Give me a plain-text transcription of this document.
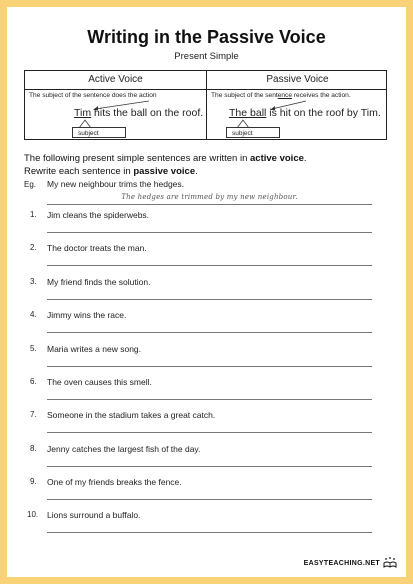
Writing in the Passive Voice
Present Simple
Active Voice
The subject of the sentence does the action
Tim hits the ball on the roof.
subject
Passive Voice
The subject of the sentence receives the action.
The ball is hit on the roof by Tim.
subject
The following present simple sentences are written in active voice.
Rewrite each sentence in passive voice.
Eg. My new neighbour trims the hedges.
The hedges are trimmed by my new neighbour.
1. Jim cleans the spiderwebs.
2. The doctor treats the man.
3. My friend finds the solution.
4. Jimmy wins the race.
5. Maria writes a new song.
6. The oven causes this smell.
7. Someone in the stadium takes a great catch.
8. Jenny catches the largest fish of the day.
9. One of my friends breaks the fence.
10. Lions surround a buffalo.
EASYTEACHING.NET
